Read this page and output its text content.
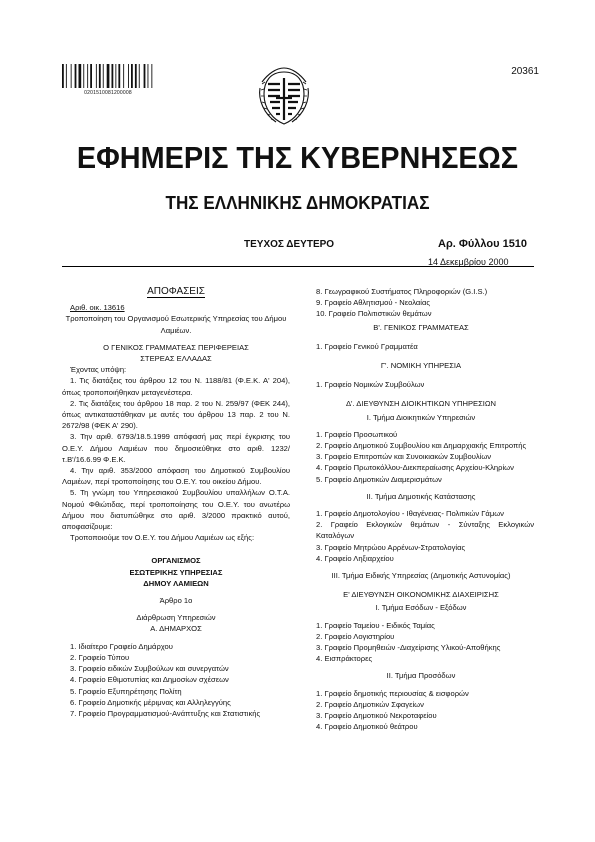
0201510081200008
20361
ΕΦΗΜΕΡΙΣ ΤΗΣ ΚΥΒΕΡΝΗΣΕΩΣ
ΤΗΣ ΕΛΛΗΝΙΚΗΣ ΔΗΜΟΚΡΑΤΙΑΣ
ΤΕΥΧΟΣ ΔΕΥΤΕΡΟ	Αρ. Φύλλου 1510
14 Δεκεμβρίου 2000

ΑΠΟΦΑΣΕΙΣ

Αριθ. οικ. 13616

Τροποποίηση του Οργανισμού Εσωτερικής Υπηρεσίας του Δήμου Λαμιέων.

Ο ΓΕΝΙΚΟΣ ΓΡΑΜΜΑΤΕΑΣ ΠΕΡΙΦΕΡΕΙΑΣ

ΣΤΕΡΕΑΣ ΕΛΛΑΔΑΣ

Έχοντας υπόψη:

1. Τις διατάξεις του άρθρου 12 του Ν. 1188/81 (Φ.Ε.Κ. Α' 204), όπως τροποποιήθηκαν μεταγενέστερα.

2. Τις διατάξεις του άρθρου 18 παρ. 2 του Ν. 259/97 (ΦΕΚ 244), όπως αντικαταστάθηκαν με αυτές του άρθρου 13 παρ. 2 του Ν. 2672/98 (ΦΕΚ Α' 290).

3. Την αριθ. 6793/18.5.1999 απόφασή μας περί έγκρισης του Ο.Ε.Υ. Δήμου Λαμιέων που δημοσιεύθηκε στο αριθ. 1232/τ.Β'/16.6.99 Φ.Ε.Κ.

4. Την αριθ. 353/2000 απόφαση του Δημοτικού Συμβουλίου Λαμιέων, περί τροποποίησης του Ο.Ε.Υ. του οικείου Δήμου.

5. Τη γνώμη του Υπηρεσιακού Συμβουλίου υπαλλήλων Ο.Τ.Α. Νομού Φθιώτιδας, περί τροποποίησης του Ο.Ε.Υ. του ανωτέρω Δήμου που διατυπώθηκε στο αριθ. 3/2000 πρακτικό αυτού, αποφασίζουμε:

Τροποποιούμε τον Ο.Ε.Υ. του Δήμου Λαμιέων ως εξής:

ΟΡΓΑΝΙΣΜΟΣ

ΕΣΩΤΕΡΙΚΗΣ ΥΠΗΡΕΣΙΑΣ

ΔΗΜΟΥ ΛΑΜΙΕΩΝ

Άρθρο 1ο

Διάρθρωση Υπηρεσιών

Α. ΔΗΜΑΡΧΟΣ

1. Ιδιαίτερο Γραφείο Δημάρχου

2. Γραφείο Τύπου

3. Γραφείο ειδικών Συμβούλων και συνεργατών

4. Γραφείο Εθιμοτυπίας και Δημοσίων σχέσεων

5. Γραφείο Εξυπηρέτησης Πολίτη

6. Γραφείο Δημοτικής μέριμνας και Αλληλεγγύης

7. Γραφείο Προγραμματισμού-Ανάπτυξης και Στατιστικής

8. Γεωγραφικού Συστήματος Πληροφοριών (G.I.S.)

9. Γραφείο Αθλητισμού - Νεολαίας

10. Γραφείο Πολιτιστικών θεμάτων

Β'. ΓΕΝΙΚΟΣ ΓΡΑΜΜΑΤΕΑΣ

1. Γραφείο Γενικού Γραμματέα

Γ'. ΝΟΜΙΚΗ ΥΠΗΡΕΣΙΑ

1. Γραφείο Νομικών Συμβούλων

Δ'. ΔΙΕΥΘΥΝΣΗ ΔΙΟΙΚΗΤΙΚΩΝ ΥΠΗΡΕΣΙΩΝ

Ι. Τμήμα Διοικητικών Υπηρεσιών

1. Γραφείο Προσωπικού

2. Γραφείο Δημοτικού Συμβουλίου και Δημαρχιακής Επιτροπής

3. Γραφείο Επιτροπών και Συνοικιακών Συμβουλίων

4. Γραφείο Πρωτοκόλλου-Διεκπεραίωσης Αρχείου-Κληρίων

5. Γραφείο Δημοτικών Διαμερισμάτων

ΙΙ. Τμήμα Δημοτικής Κατάστασης

1. Γραφείο Δημοτολογίου - Ιθαγένειας- Πολιτικών Γάμων

2. Γραφείο Εκλογικών θεμάτων - Σύνταξης Εκλογικών Καταλόγων

3. Γραφείο Μητρώου Αρρένων-Στρατολογίας

4. Γραφείο Ληξιαρχείου

ΙΙΙ. Τμήμα Ειδικής Υπηρεσίας (Δημοτικής Αστυνομίας)

Ε' ΔΙΕΥΘΥΝΣΗ ΟΙΚΟΝΟΜΙΚΗΣ ΔΙΑΧΕΙΡΙΣΗΣ

Ι. Τμήμα Εσόδων - Εξόδων

1. Γραφείο Ταμείου - Ειδικός Ταμίας

2. Γραφείο Λογιστηρίου

3. Γραφείο Προμηθειών -Διαχείρισης Υλικού-Αποθήκης

4. Εισπράκτορες

ΙΙ. Τμήμα Προσόδων

1. Γραφείο δημοτικής περιουσίας & εισφορών

2. Γραφείο Δημοτικών Σφαγείων

3. Γραφείο Δημοτικού Νεκροταφείου

4. Γραφείο Δημοτικού θεάτρου
